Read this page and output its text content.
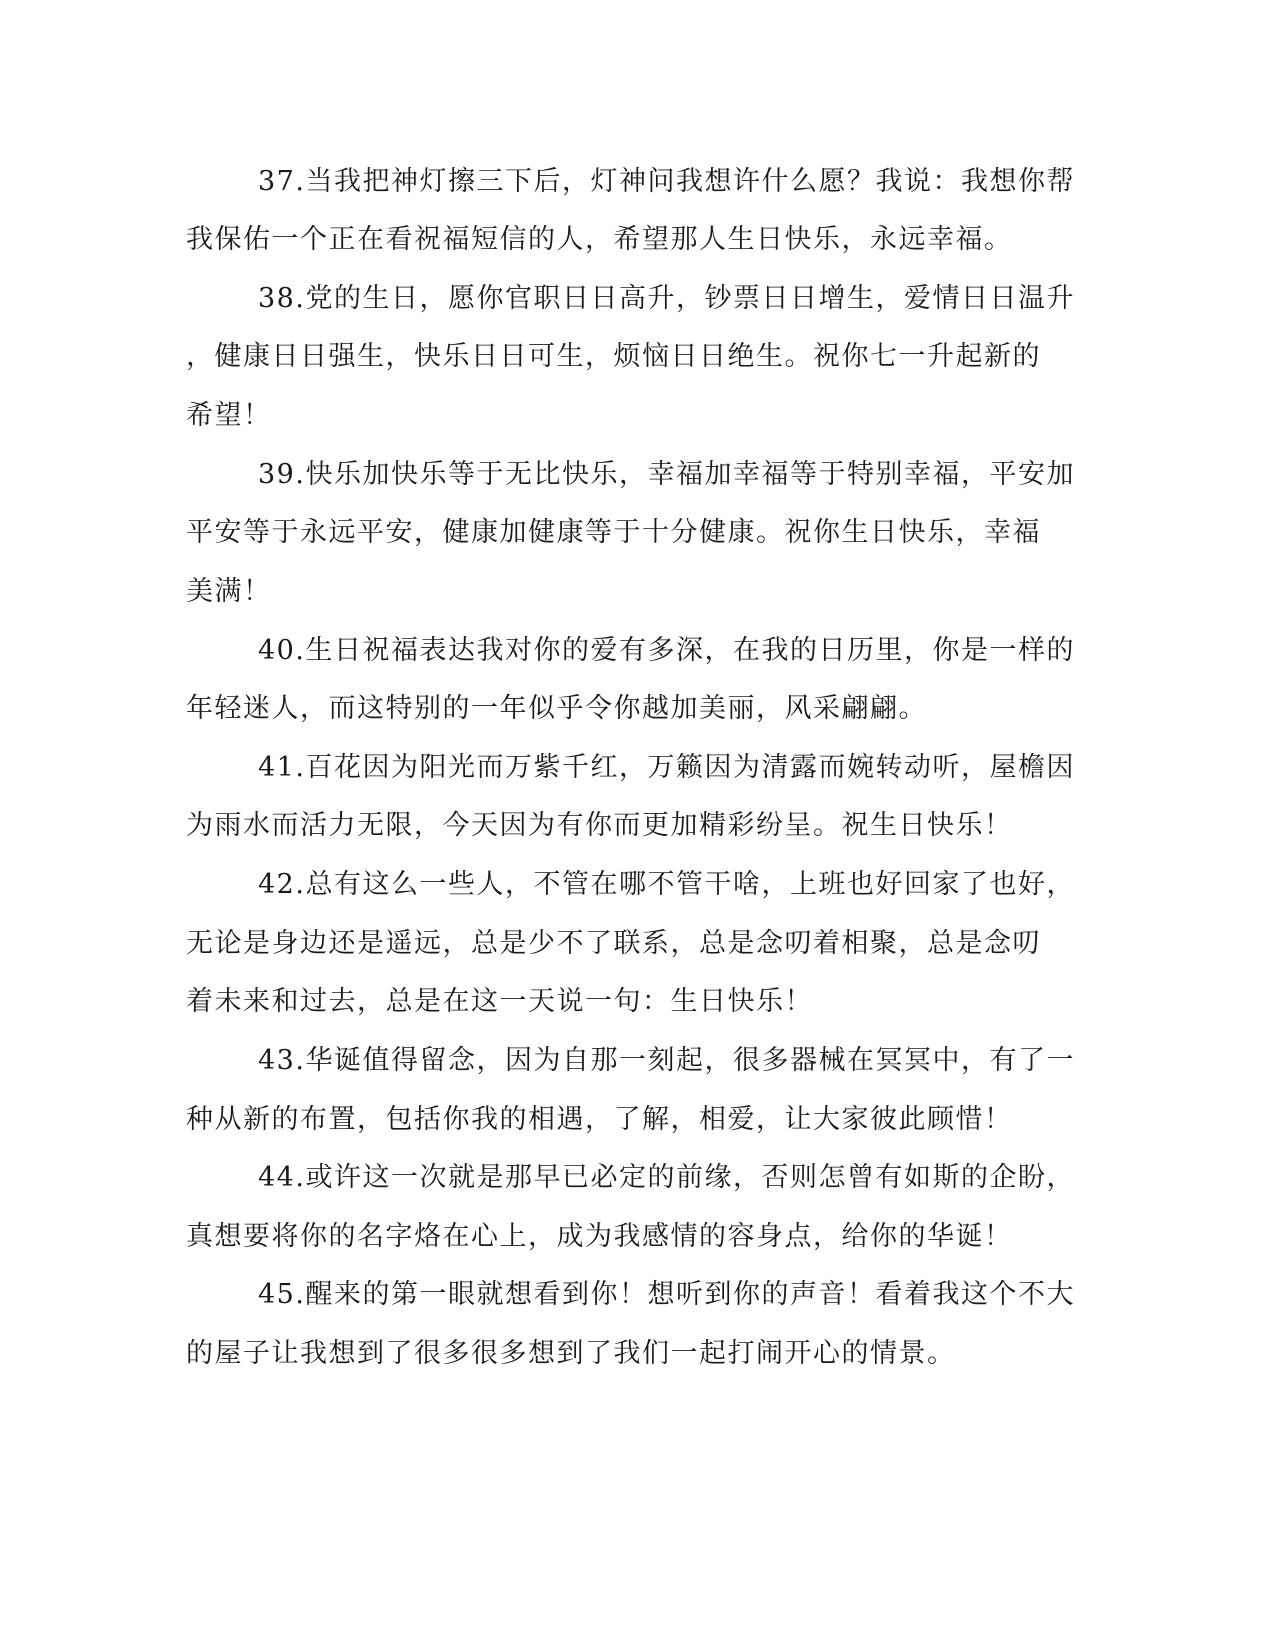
37.当我把神灯擦三下后，灯神问我想许什么愿？我说：我想你帮
我保佑一个正在看祝福短信的人，希望那人生日快乐，永远幸福。
38.党的生日，愿你官职日日高升，钞票日日增生，爱情日日温升
，健康日日强生，快乐日日可生，烦恼日日绝生。祝你七一升起新的
希望！
39.快乐加快乐等于无比快乐，幸福加幸福等于特别幸福，平安加
平安等于永远平安，健康加健康等于十分健康。祝你生日快乐，幸福
美满！
40.生日祝福表达我对你的爱有多深，在我的日历里，你是一样的
年轻迷人，而这特别的一年似乎令你越加美丽，风采翩翩。
41.百花因为阳光而万紫千红，万籁因为清露而婉转动听，屋檐因
为雨水而活力无限，今天因为有你而更加精彩纷呈。祝生日快乐！
42.总有这么一些人，不管在哪不管干啥，上班也好回家了也好，
无论是身边还是遥远，总是少不了联系，总是念叨着相聚，总是念叨
着未来和过去，总是在这一天说一句：生日快乐！
43.华诞值得留念，因为自那一刻起，很多器械在冥冥中，有了一
种从新的布置，包括你我的相遇，了解，相爱，让大家彼此顾惜！
44.或许这一次就是那早已必定的前缘，否则怎曾有如斯的企盼，
真想要将你的名字烙在心上，成为我感情的容身点，给你的华诞！
45.醒来的第一眼就想看到你！想听到你的声音！看着我这个不大
的屋子让我想到了很多很多想到了我们一起打闹开心的情景。
